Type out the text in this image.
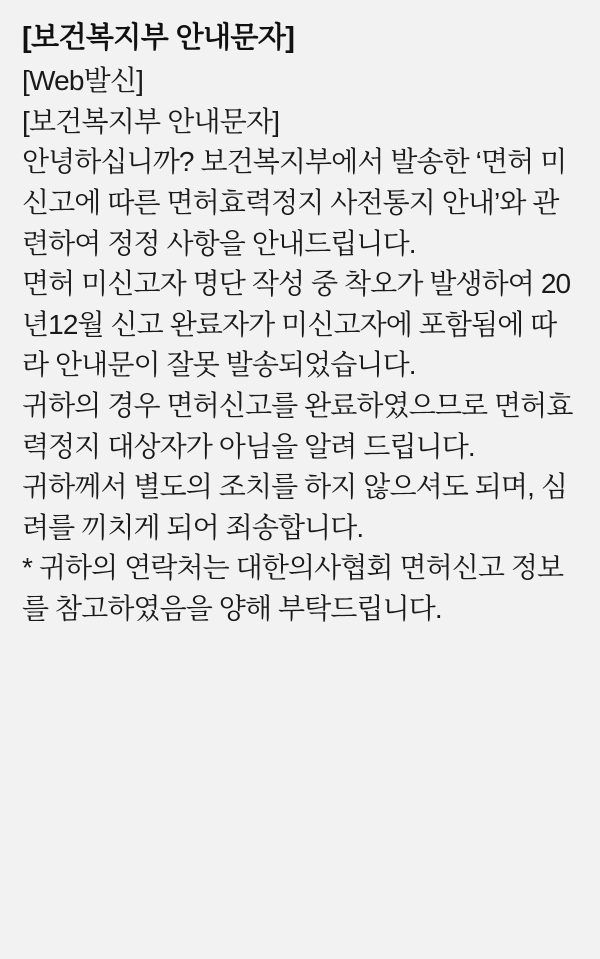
[보건복지부 안내문자]

[Web발신]

[보건복지부 안내문자]

안녕하십니까? 보건복지부에서 발송한 ‘면허 미신고에 따른 면허효력정지 사전통지 안내’와 관련하여 정정 사항을 안내드립니다.

면허 미신고자 명단 작성 중 착오가 발생하여 20년12월 신고 완료자가 미신고자에 포함됨에 따라 안내문이 잘못 발송되었습니다.

귀하의 경우 면허신고를 완료하였으므로 면허효력정지 대상자가 아님을 알려 드립니다.

귀하께서 별도의 조치를 하지 않으셔도 되며, 심려를 끼치게 되어 죄송합니다.

* 귀하의 연락처는 대한의사협회 면허신고 정보를 참고하였음을 양해 부탁드립니다.
